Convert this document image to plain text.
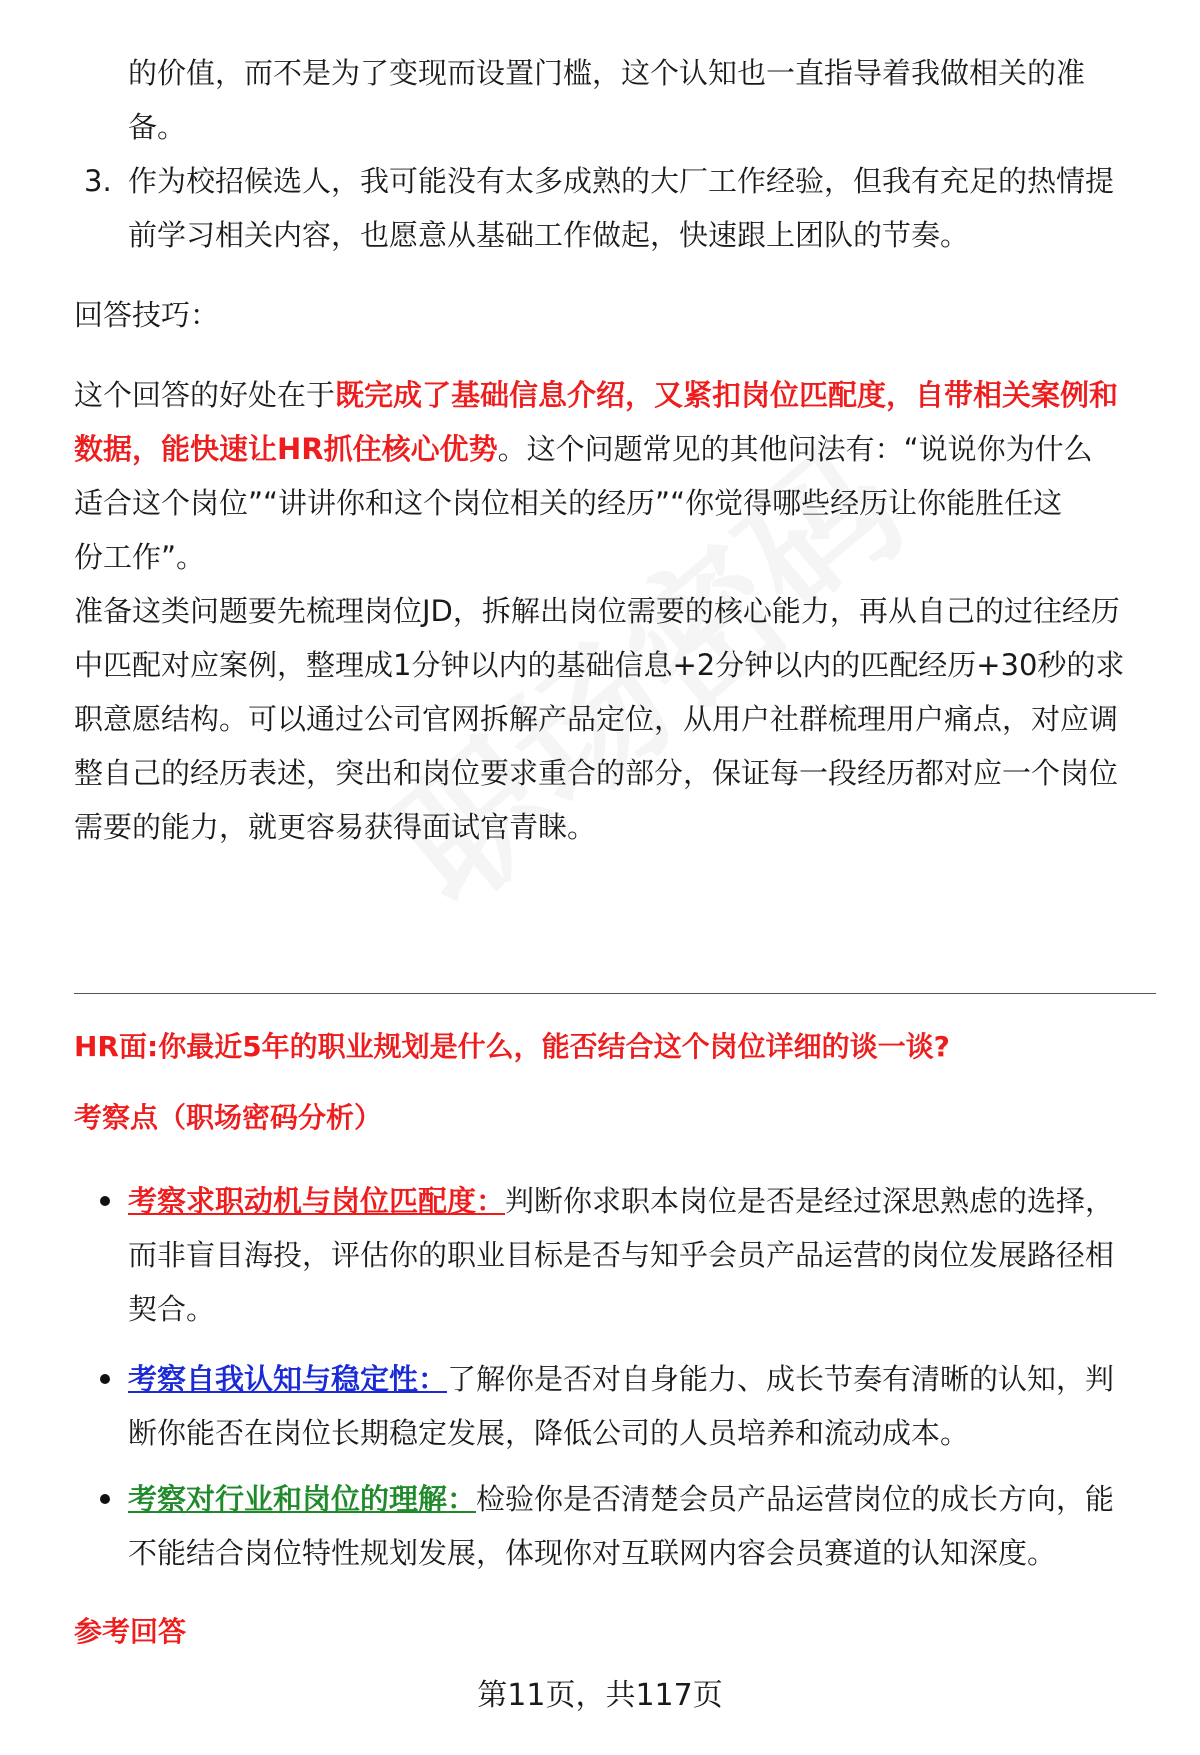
的价值，而不是为了变现而设置门槛，这个认知也一直指导着我做相关的准

备。

3. 作为校招候选人，我可能没有太多成熟的大厂工作经验，但我有充足的热情提

前学习相关内容，也愿意从基础工作做起，快速跟上团队的节奏。

回答技巧：

这个回答的好处在于既完成了基础信息介绍，又紧扣岗位匹配度，自带相关案例和

数据，能快速让HR抓住核心优势。这个问题常见的其他问法有：“说说你为什么

适合这个岗位”“讲讲你和这个岗位相关的经历”“你觉得哪些经历让你能胜任这

份工作”。

准备这类问题要先梳理岗位JD，拆解出岗位需要的核心能力，再从自己的过往经历

中匹配对应案例，整理成1分钟以内的基础信息+2分钟以内的匹配经历+30秒的求

职意愿结构。可以通过公司官网拆解产品定位，从用户社群梳理用户痛点，对应调

整自己的经历表述，突出和岗位要求重合的部分，保证每一段经历都对应一个岗位

需要的能力，就更容易获得面试官青睐。

HR面:你最近5年的职业规划是什么，能否结合这个岗位详细的谈一谈?
考察点（职场密码分析）

考察求职动机与岗位匹配度：判断你求职本岗位是否是经过深思熟虑的选择，

而非盲目海投，评估你的职业目标是否与知乎会员产品运营的岗位发展路径相

契合。

考察自我认知与稳定性：了解你是否对自身能力、成长节奏有清晰的认知，判

断你能否在岗位长期稳定发展，降低公司的人员培养和流动成本。

考察对行业和岗位的理解：检验你是否清楚会员产品运营岗位的成长方向，能

不能结合岗位特性规划发展，体现你对互联网内容会员赛道的认知深度。

参考回答
第11页，共117页
